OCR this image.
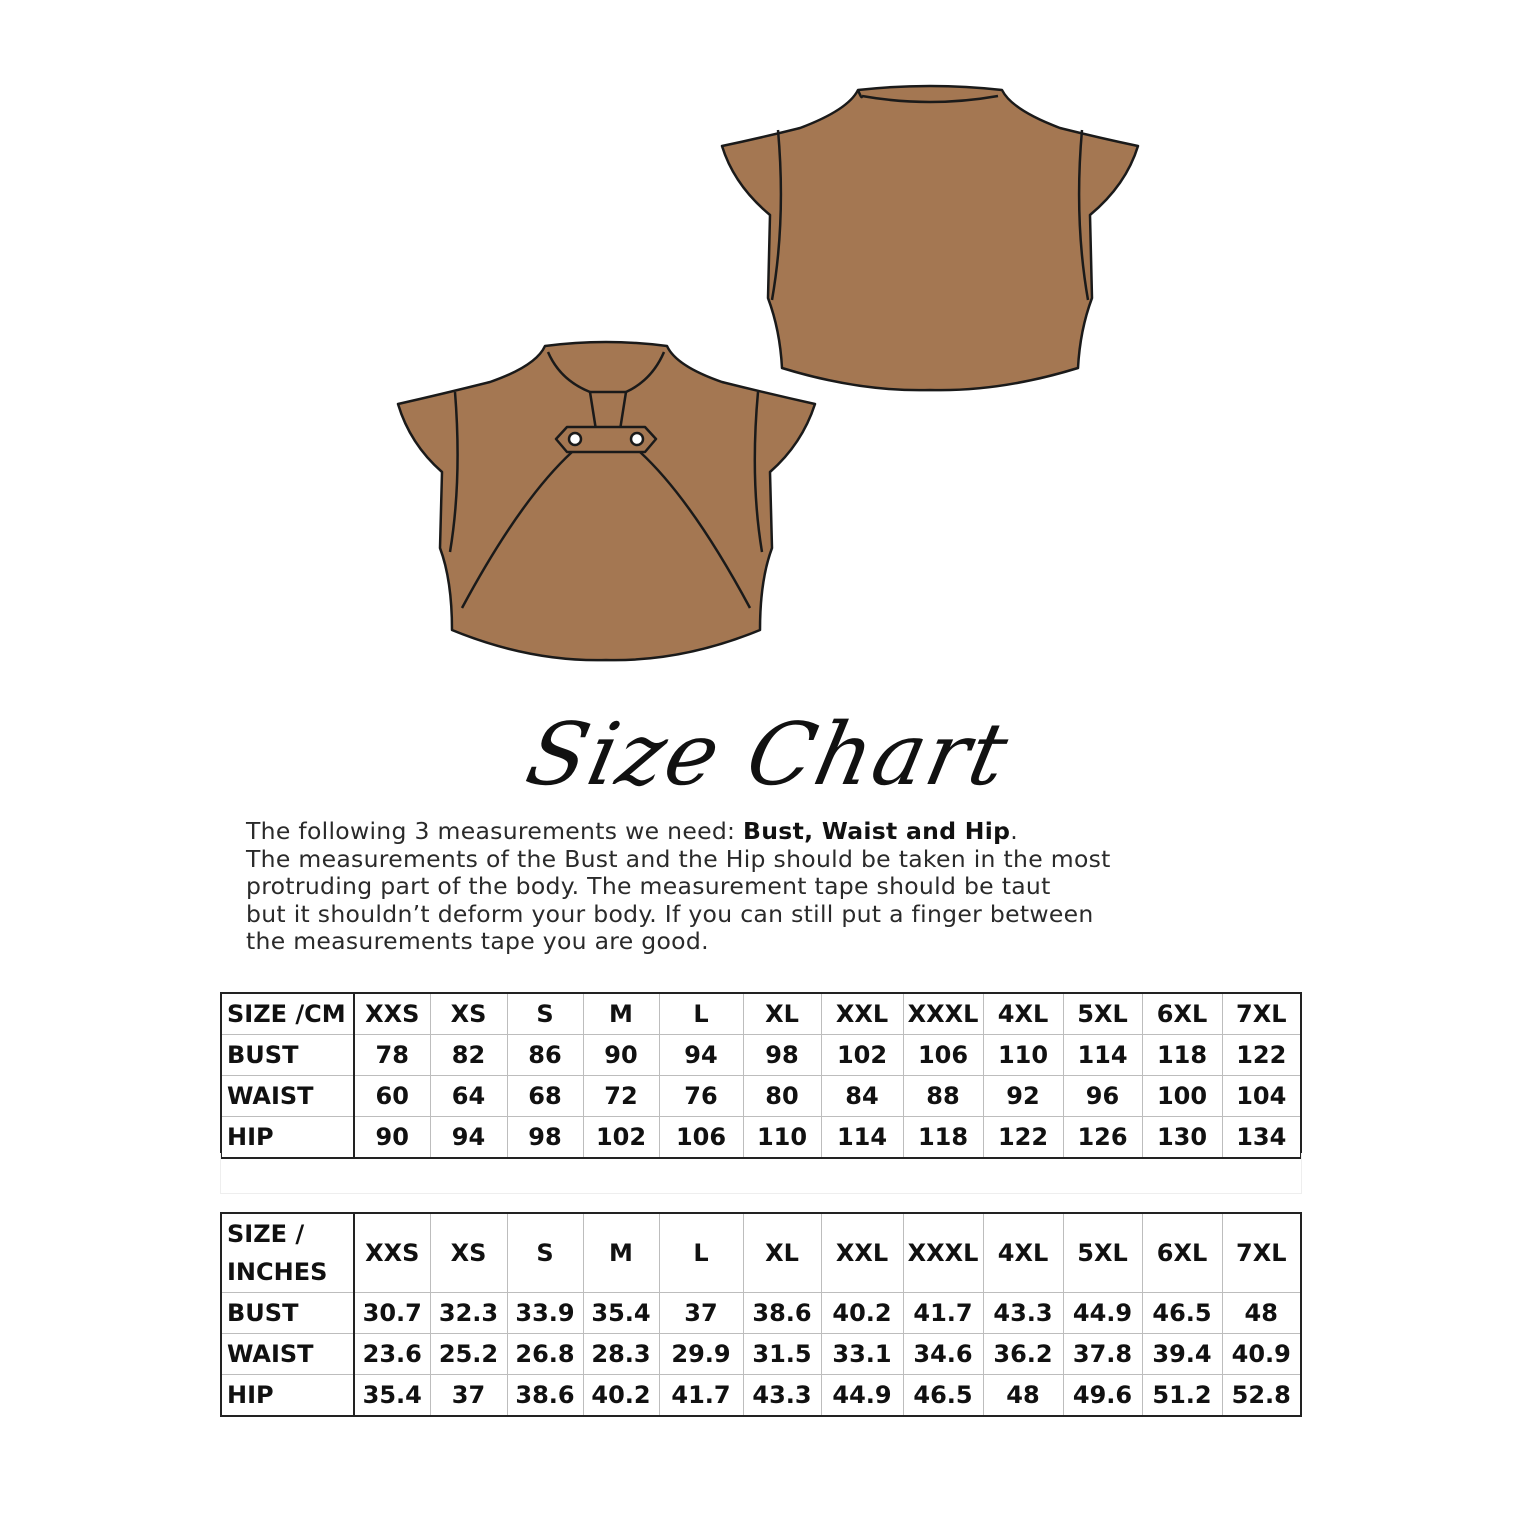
Size Chart

The following 3 measurements we need: Bust, Waist and Hip.

The measurements of the Bust and the Hip should be taken in the most

protruding part of the body. The measurement tape should be taut

but it shouldn’t deform your body. If you can still put a finger between

the measurements tape you are good.

SIZE /CM	XXS	XS	S	M	L	XL	XXL	XXXL	4XL	5XL	6XL	7XL
BUST	78	82	86	90	94	98	102	106	110	114	118	122
WAIST	60	64	68	72	76	80	84	88	92	96	100	104
HIP	90	94	98	102	106	110	114	118	122	126	130	134
SIZE /
INCHES	XXS	XS	S	M	L	XL	XXL	XXXL	4XL	5XL	6XL	7XL
BUST	30.7	32.3	33.9	35.4	37	38.6	40.2	41.7	43.3	44.9	46.5	48
WAIST	23.6	25.2	26.8	28.3	29.9	31.5	33.1	34.6	36.2	37.8	39.4	40.9
HIP	35.4	37	38.6	40.2	41.7	43.3	44.9	46.5	48	49.6	51.2	52.8
